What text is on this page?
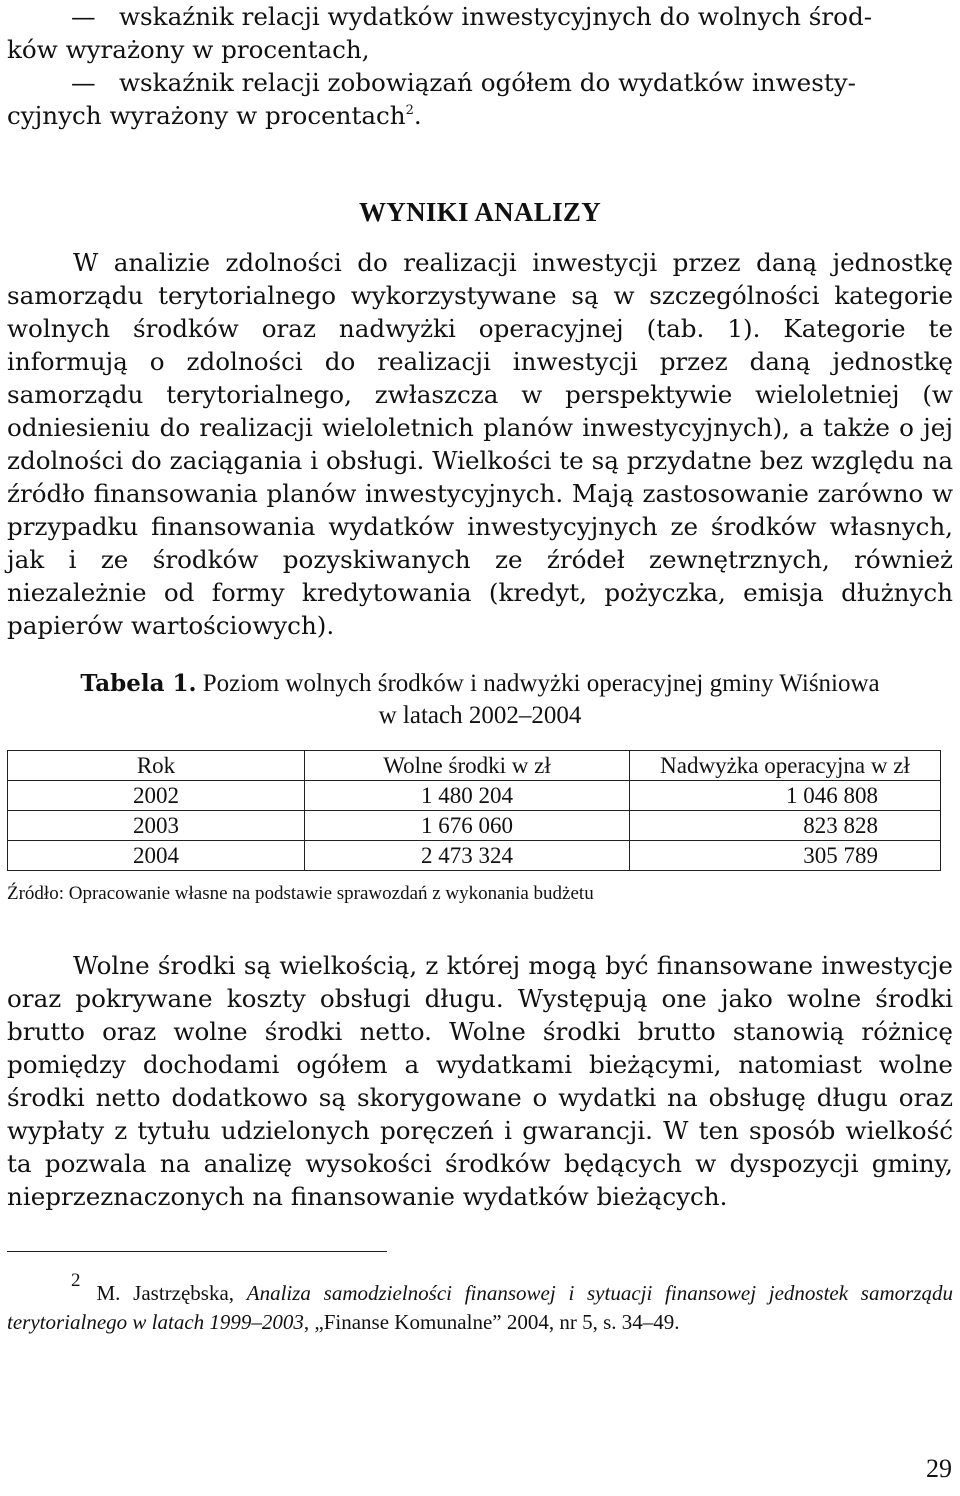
— wskaźnik relacji wydatków inwestycyjnych do wolnych środ-
ków wyrażony w procentach,
— wskaźnik relacji zobowiązań ogółem do wydatków inwesty-
cyjnych wyrażony w procentach$^2$.
WYNIKI ANALIZY

W analizie zdolności do realizacji inwestycji przez daną jednostkę samorządu terytorialnego wykorzystywane są w szczególności kategorie wolnych środków oraz nadwyżki operacyjnej (tab. 1). Kategorie te informują o zdolności do realizacji inwestycji przez daną jednostkę samorządu terytorialnego, zwłaszcza w perspektywie wieloletniej (w odniesieniu do realizacji wieloletnich planów inwestycyjnych), a także o jej zdolności do zaciągania i obsługi. Wielkości te są przydatne bez względu na źródło finansowania planów inwestycyjnych. Mają zastosowanie zarówno w przypadku finansowania wydatków inwestycyjnych ze środków własnych, jak i ze środków pozyskiwanych ze źródeł zewnętrznych, również niezależnie od formy kredytowania (kredyt, pożyczka, emisja dłużnych papierów wartościowych).

Tabela 1. Poziom wolnych środków i nadwyżki operacyjnej gminy Wiśniowa
w latach 2002–2004
Rok	Wolne środki w zł	Nadwyżka operacyjna w zł
2002	1 480 204	1 046 808
2003	1 676 060	823 828
2004	2 473 324	305 789
Źródło: Opracowanie własne na podstawie sprawozdań z wykonania budżetu

Wolne środki są wielkością, z której mogą być finansowane inwestycje oraz pokrywane koszty obsługi długu. Występują one jako wolne środki brutto oraz wolne środki netto. Wolne środki brutto stanowią różnicę pomiędzy dochodami ogółem a wydatkami bieżącymi, natomiast wolne środki netto dodatkowo są skorygowane o wydatki na obsługę długu oraz wypłaty z tytułu udzielonych poręczeń i gwarancji. W ten sposób wielkość ta pozwala na analizę wysokości środków będących w dyspozycji gminy, nieprzeznaczonych na finansowanie wydatków bieżących.

2M. Jastrzębska, Analiza samodzielności finansowej i sytuacji finansowej jednostek samorządu terytorialnego w latach 1999–2003, „Finanse Komunalne” 2004, nr 5, s. 34–49.
29
